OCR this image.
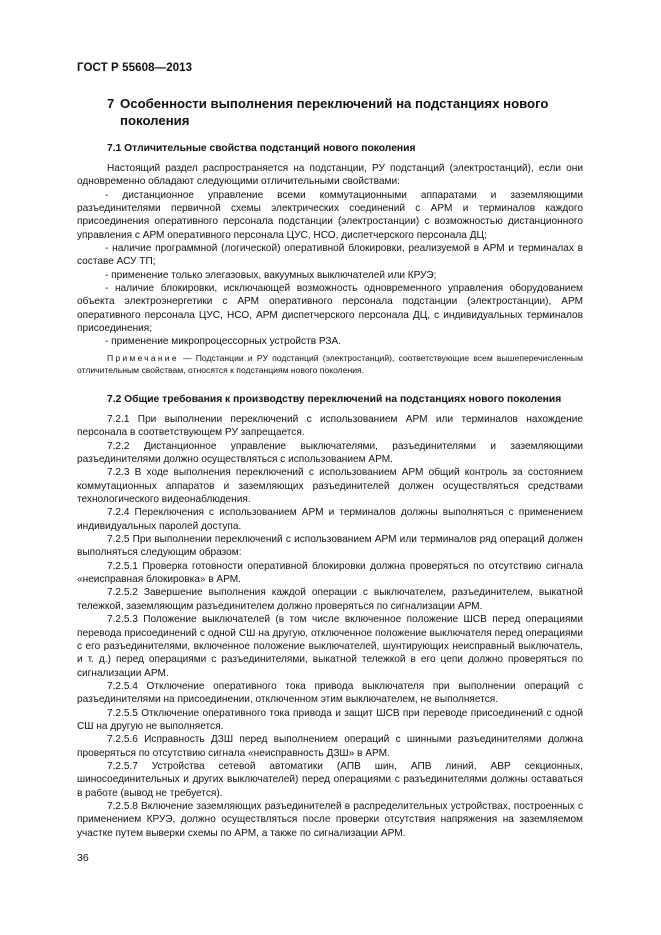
ГОСТ Р 55608—2013
7 Особенности выполнения переключений на подстанциях нового поколения
7.1 Отличительные свойства подстанций нового поколения

Настоящий раздел распространяется на подстанции, РУ подстанций (электростанций), если они одновременно обладают следующими отличительными свойствами:

- дистанционное управление всеми коммутационными аппаратами и заземляющими разъединителями первичной схемы электрических соединений с АРМ и терминалов каждого присоединения оперативного персонала подстанции (электростанции) с возможностью дистанционного управления с АРМ оперативного персонала ЦУС, НСО, диспетчерского персонала ДЦ;

- наличие программной (логической) оперативной блокировки, реализуемой в АРМ и терминалах в составе АСУ ТП;

- применение только элегазовых, вакуумных выключателей или КРУЭ;

- наличие блокировки, исключающей возможность одновременного управления оборудованием объекта электроэнергетики с АРМ оперативного персонала подстанции (электростанции), АРМ оперативного персонала ЦУС, НСО, АРМ диспетчерского персонала ДЦ, с индивидуальных терминалов присоединения;

- применение микропроцессорных устройств РЗА.

Примечание — Подстанции и РУ подстанций (электростанций), соответствующие всем вышеперечисленным отличительным свойствам, относятся к подстанциям нового поколения.

7.2 Общие требования к производству переключений на подстанциях нового поколения

7.2.1 При выполнении переключений с использованием АРМ или терминалов нахождение персонала в соответствующем РУ запрещается.

7.2.2 Дистанционное управление выключателями, разъединителями и заземляющими разъединителями должно осуществляться с использованием АРМ.

7.2.3 В ходе выполнения переключений с использованием АРМ общий контроль за состоянием коммутационных аппаратов и заземляющих разъединителей должен осуществляться средствами технологического видеонаблюдения.

7.2.4 Переключения с использованием АРМ и терминалов должны выполняться с применением индивидуальных паролей доступа.

7.2.5 При выполнении переключений с использованием АРМ или терминалов ряд операций должен выполняться следующим образом:

7.2.5.1 Проверка готовности оперативной блокировки должна проверяться по отсутствию сигнала «неисправная блокировка» в АРМ.

7.2.5.2 Завершение выполнения каждой операции с выключателем, разъединителем, выкатной тележкой, заземляющим разъединителем должно проверяться по сигнализации АРМ.

7.2.5.3 Положение выключателей (в том числе включенное положение ШСВ перед операциями перевода присоединений с одной СШ на другую, отключенное положение выключателя перед операциями с его разъединителями, включенное положение выключателей, шунтирующих неисправный выключатель, и т. д.) перед операциями с разъединителями, выкатной тележкой в его цепи должно проверяться по сигнализации АРМ.

7.2.5.4 Отключение оперативного тока привода выключателя при выполнении операций с разъединителями на присоединении, отключенном этим выключателем, не выполняется.

7.2.5.5 Отключение оперативного тока привода и защит ШСВ при переводе присоединений с одной СШ на другую не выполняется.

7.2.5.6 Исправность ДЗШ перед выполнением операций с шинными разъединителями должна проверяться по отсутствию сигнала «неисправность ДЗШ» в АРМ.

7.2.5.7 Устройства сетевой автоматики (АПВ шин, АПВ линий, АВР секционных, шиносоединительных и других выключателей) перед операциями с разъединителями должны оставаться в работе (вывод не требуется).

7.2.5.8 Включение заземляющих разъединителей в распределительных устройствах, построенных с применением КРУЭ, должно осуществляться после проверки отсутствия напряжения на заземляемом участке путем выверки схемы по АРМ, а также по сигнализации АРМ.

36
